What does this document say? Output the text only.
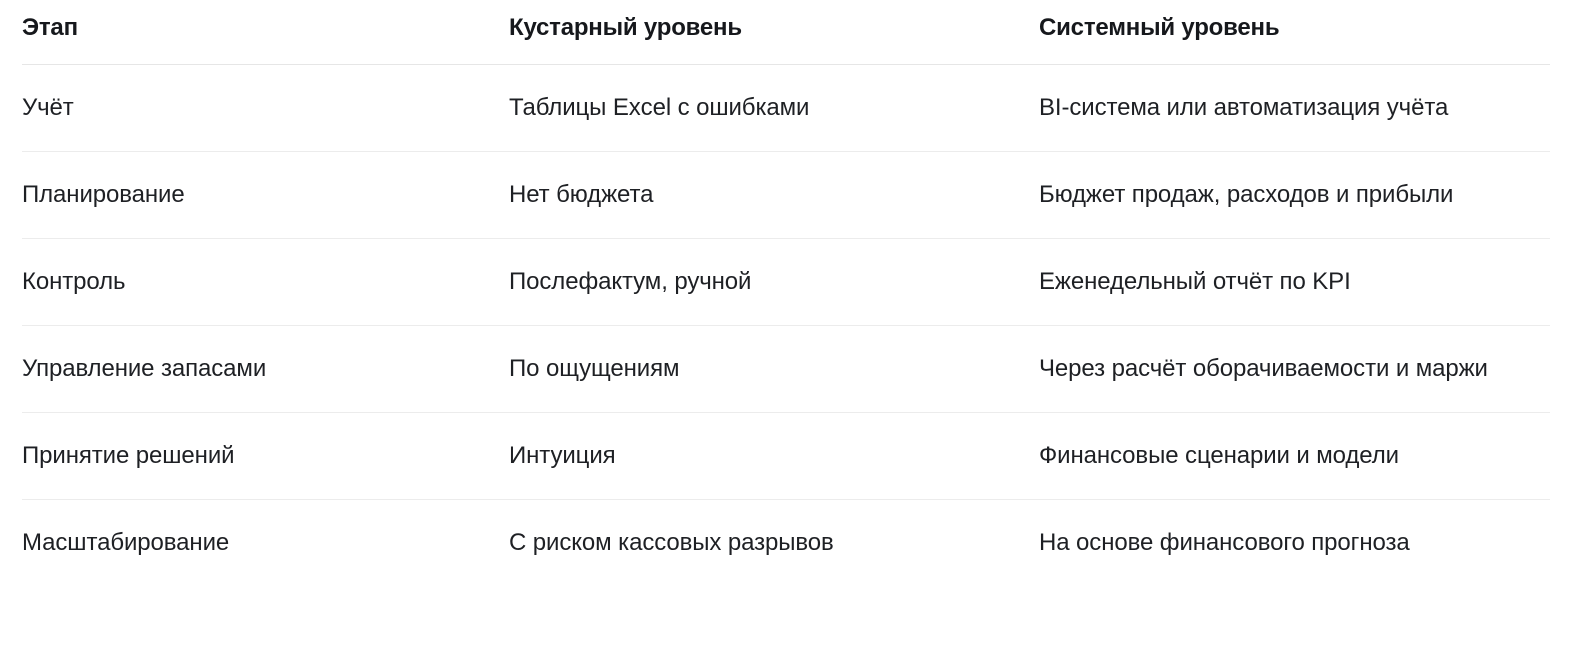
Этап	Кустарный уровень	Системный уровень
Учёт	Таблицы Excel с ошибками	BI-система или автоматизация учёта
Планирование	Нет бюджета	Бюджет продаж, расходов и прибыли
Контроль	Послефактум, ручной	Еженедельный отчёт по KPI
Управление запасами	По ощущениям	Через расчёт оборачиваемости и маржи
Принятие решений	Интуиция	Финансовые сценарии и модели
Масштабирование	С риском кассовых разрывов	На основе финансового прогноза
